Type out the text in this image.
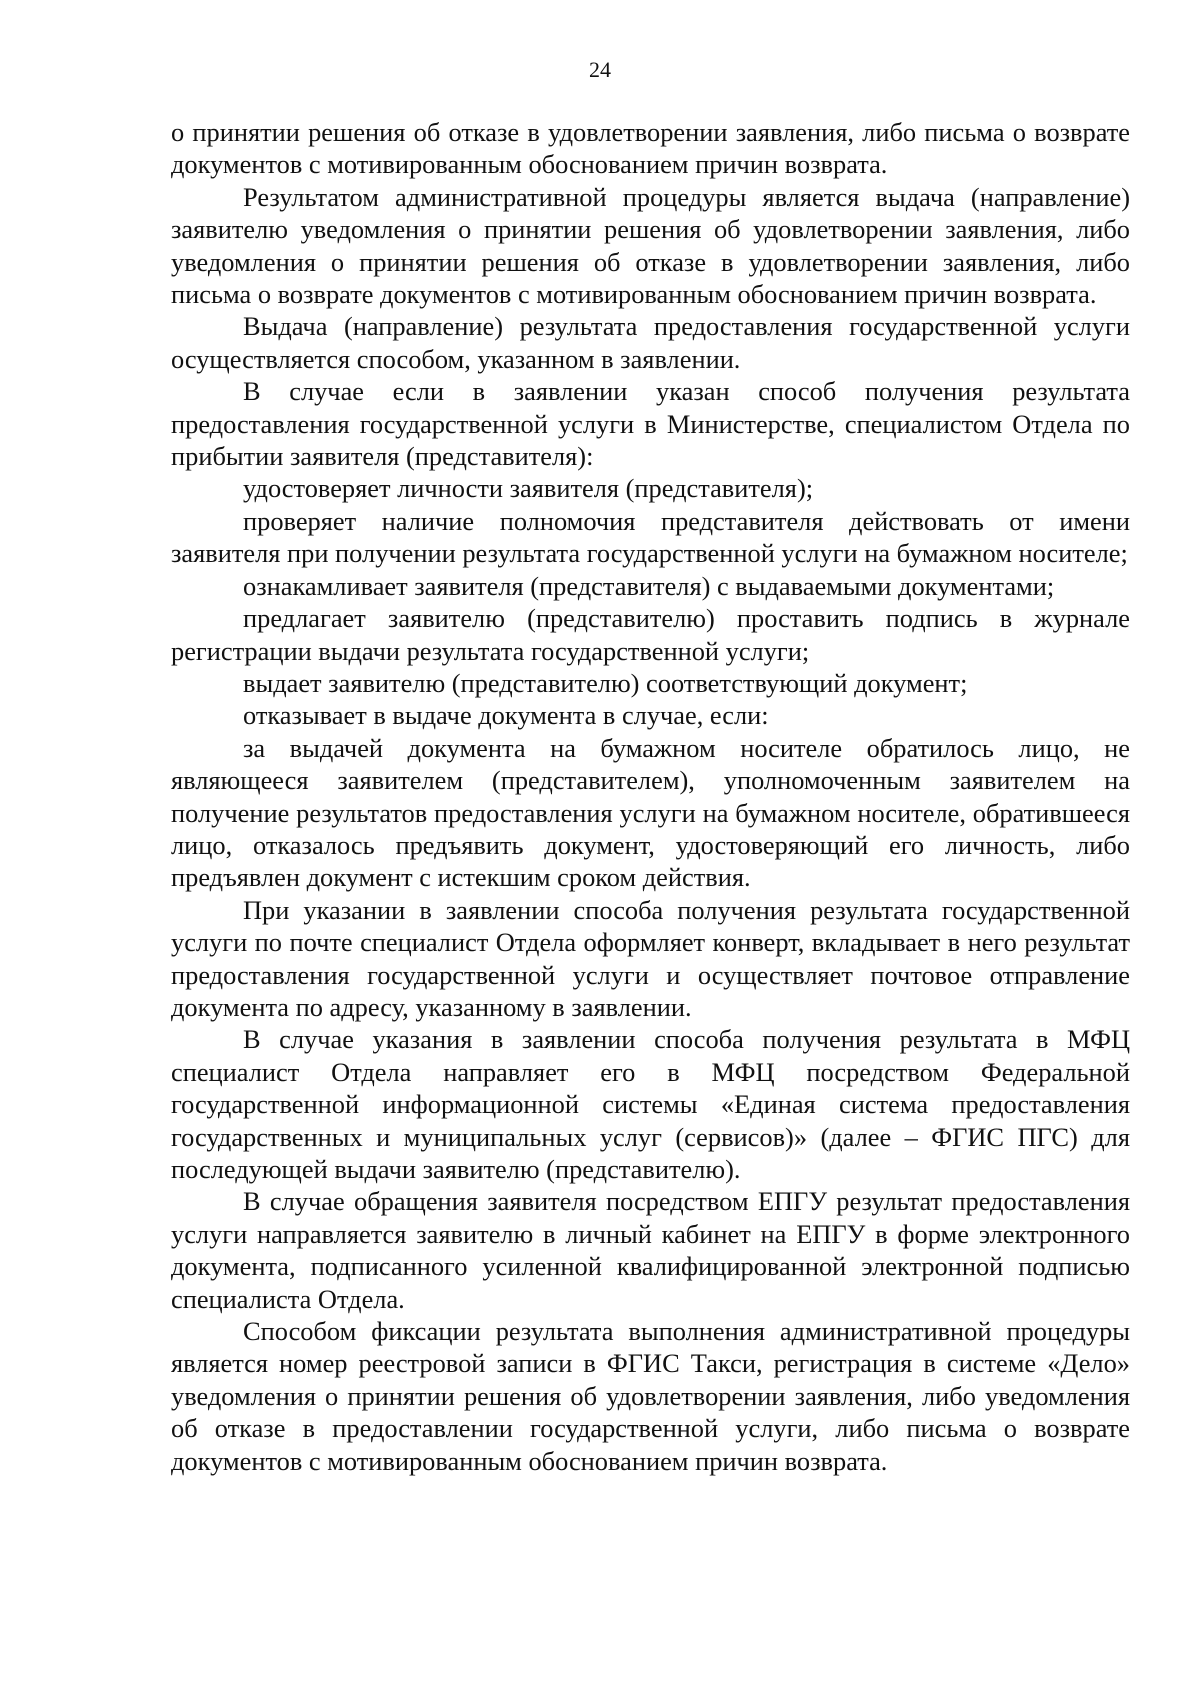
24

о принятии решения об отказе в удовлетворении заявления, либо письма о возврате документов с мотивированным обоснованием причин возврата.

Результатом административной процедуры является выдача (направление) заявителю уведомления о принятии решения об удовлетворении заявления, либо уведомления о принятии решения об отказе в удовлетворении заявления, либо письма о возврате документов с мотивированным обоснованием причин возврата.

Выдача (направление) результата предоставления государственной услуги осуществляется способом, указанном в заявлении.

В случае если в заявлении указан способ получения результата предоставления государственной услуги в Министерстве, специалистом Отдела по прибытии заявителя (представителя):

удостоверяет личности заявителя (представителя);

проверяет наличие полномочия представителя действовать от имени заявителя при получении результата государственной услуги на бумажном носителе;

ознакамливает заявителя (представителя) с выдаваемыми документами;

предлагает заявителю (представителю) проставить подпись в журнале регистрации выдачи результата государственной услуги;

выдает заявителю (представителю) соответствующий документ;

отказывает в выдаче документа в случае, если:

за выдачей документа на бумажном носителе обратилось лицо, не являющееся заявителем (представителем), уполномоченным заявителем на получение результатов предоставления услуги на бумажном носителе, обратившееся лицо, отказалось предъявить документ, удостоверяющий его личность, либо предъявлен документ с истекшим сроком действия.

При указании в заявлении способа получения результата государственной услуги по почте специалист Отдела оформляет конверт, вкладывает в него результат предоставления государственной услуги и осуществляет почтовое отправление документа по адресу, указанному в заявлении.

В случае указания в заявлении способа получения результата в МФЦ специалист Отдела направляет его в МФЦ посредством Федеральной государственной информационной системы «Единая система предоставления государственных и муниципальных услуг (сервисов)» (далее – ФГИС ПГС) для последующей выдачи заявителю (представителю).

В случае обращения заявителя посредством ЕПГУ результат предоставления услуги направляется заявителю в личный кабинет на ЕПГУ в форме электронного документа, подписанного усиленной квалифицированной электронной подписью специалиста Отдела.

Способом фиксации результата выполнения административной процедуры является номер реестровой записи в ФГИС Такси, регистрация в системе «Дело» уведомления о принятии решения об удовлетворении заявления, либо уведомления об отказе в предоставлении государственной услуги, либо письма о возврате документов с мотивированным обоснованием причин возврата.
